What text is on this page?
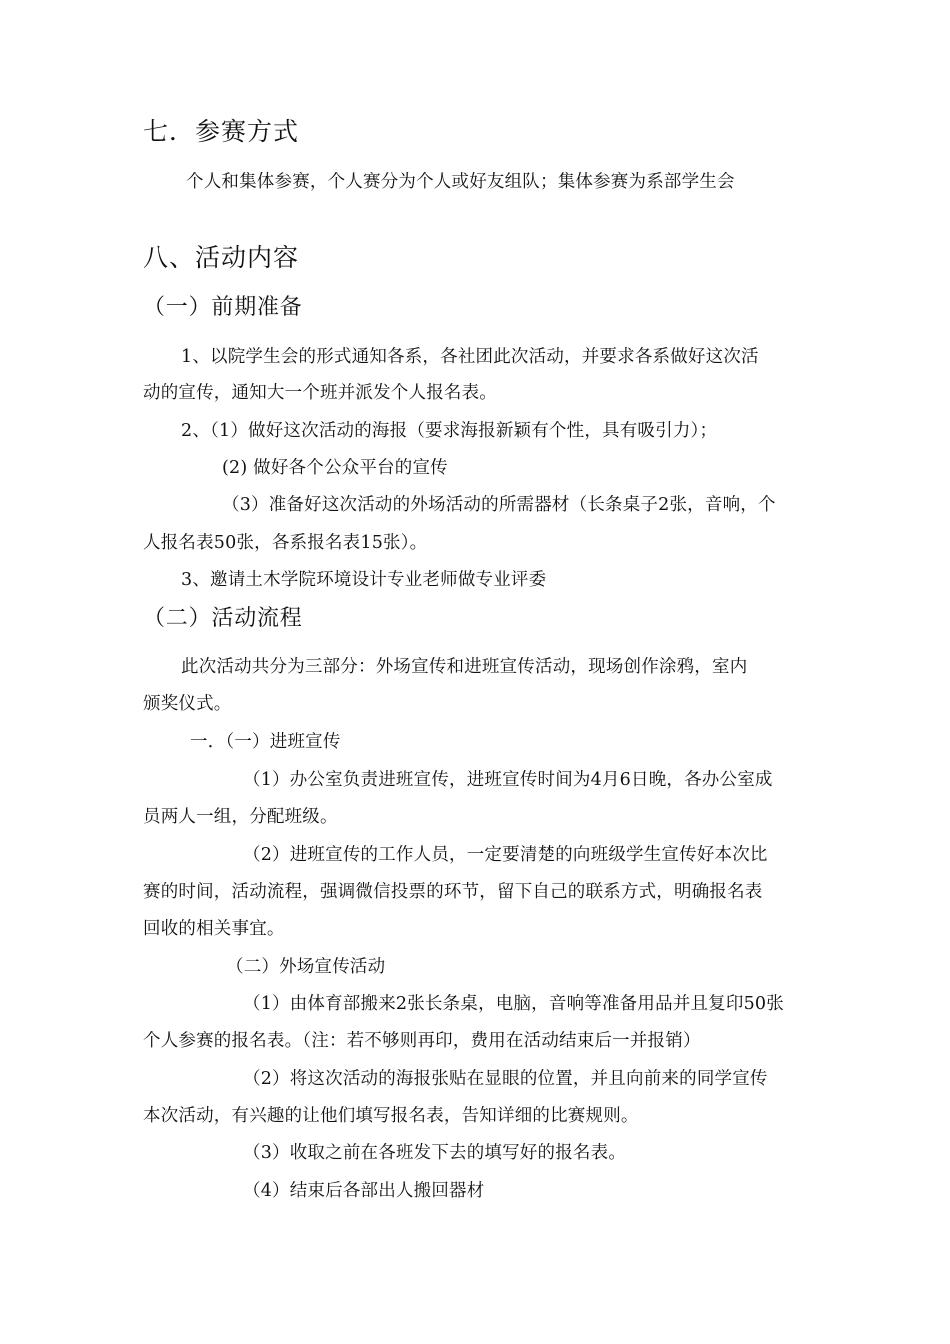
七．参赛方式
个人和集体参赛，个人赛分为个人或好友组队；集体参赛为系部学生会
八、活动内容
（一）前期准备
1、以院学生会的形式通知各系，各社团此次活动，并要求各系做好这次活
动的宣传，通知大一个班并派发个人报名表。
2、（1）做好这次活动的海报（要求海报新颖有个性，具有吸引力）；
(2) 做好各个公众平台的宣传
（3）准备好这次活动的外场活动的所需器材（长条桌子2张，音响，个
人报名表50张，各系报名表15张）。
3、邀请土木学院环境设计专业老师做专业评委
（二）活动流程
此次活动共分为三部分：外场宣传和进班宣传活动，现场创作涂鸦，室内
颁奖仪式。
一．（一）进班宣传
（1）办公室负责进班宣传，进班宣传时间为4月6日晚，各办公室成
员两人一组，分配班级。
（2）进班宣传的工作人员，一定要清楚的向班级学生宣传好本次比
赛的时间，活动流程，强调微信投票的环节，留下自己的联系方式，明确报名表
回收的相关事宜。
（二）外场宣传活动
（1）由体育部搬来2张长条桌，电脑，音响等准备用品并且复印50张
个人参赛的报名表。（注：若不够则再印，费用在活动结束后一并报销）
（2）将这次活动的海报张贴在显眼的位置，并且向前来的同学宣传
本次活动，有兴趣的让他们填写报名表，告知详细的比赛规则。
（3）收取之前在各班发下去的填写好的报名表。
（4）结束后各部出人搬回器材
